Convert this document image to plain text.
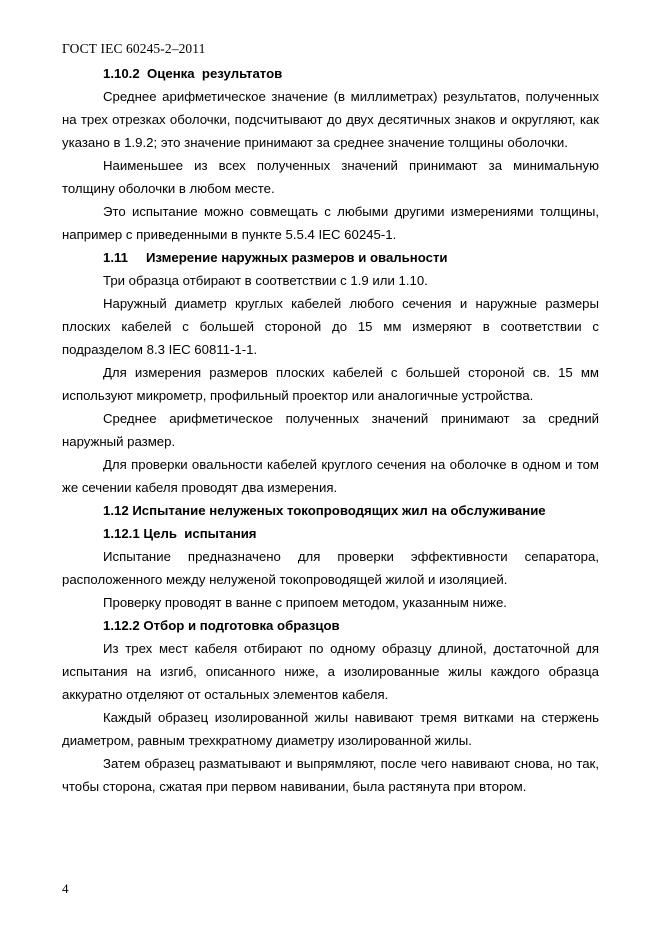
ГОСТ IEC 60245-2–2011
1.10.2  Оценка  результатов

Среднее арифметическое значение (в миллиметрах) результатов, полученных на трех отрезках оболочки, подсчитывают до двух десятичных знаков и округляют, как указано в 1.9.2; это значение принимают за среднее значение толщины оболочки.

Наименьшее из всех полученных значений принимают за минимальную толщину оболочки в любом месте.

Это испытание можно совмещать с любыми другими измерениями толщины, например с приведенными в пункте 5.5.4 IEC 60245-1.

1.11 Измерение наружных размеров и овальности

Три образца отбирают в соответствии с 1.9 или 1.10.

Наружный диаметр круглых кабелей любого сечения и наружные размеры плоских кабелей с большей стороной до 15 мм измеряют в соответствии с подразделом 8.3 IEC 60811-1-1.

Для измерения размеров плоских кабелей с большей стороной св. 15 мм используют микрометр, профильный проектор или аналогичные устройства.

Среднее арифметическое полученных значений принимают за средний наружный размер.

Для проверки овальности кабелей круглого сечения на оболочке в одном и том же сечении кабеля проводят два измерения.

1.12 Испытание нелуженых токопроводящих жил на обслуживание
1.12.1 Цель  испытания

Испытание предназначено для проверки эффективности сепаратора, расположенного между нелуженой токопроводящей жилой и изоляцией.

Проверку проводят в ванне с припоем методом, указанным ниже.

1.12.2 Отбор и подготовка образцов

Из трех мест кабеля отбирают по одному образцу длиной, достаточной для испытания на изгиб, описанного ниже, а изолированные жилы каждого образца аккуратно отделяют от остальных элементов кабеля.

Каждый образец изолированной жилы навивают тремя витками на стержень диаметром, равным трехкратному диаметру изолированной жилы.

Затем образец разматывают и выпрямляют, после чего навивают снова, но так, чтобы сторона, сжатая при первом навивании, была растянута при втором.

4
